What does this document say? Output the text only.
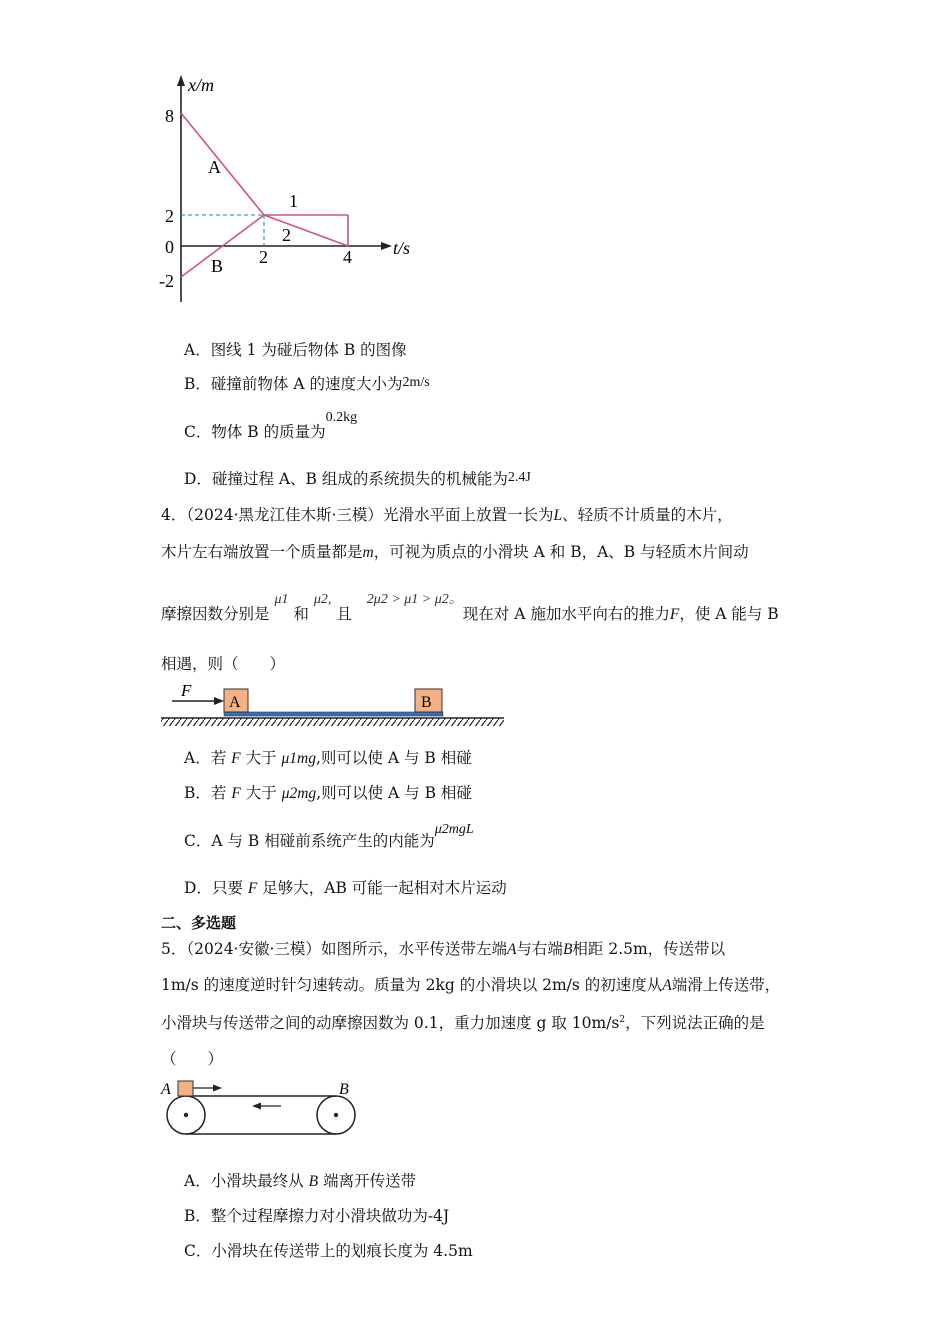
x/m
t/s
8
2
0
-2
2	4
A
B
1
2
A．图线 1 为碰后物体 B 的图像
B．碰撞前物体 A 的速度大小为2m/s
C．物体 B 的质量为0.2kg
D．碰撞过程 A、B 组成的系统损失的机械能为2.4J
4．（2024·黑龙江佳木斯·三模）光滑水平面上放置一长为L、轻质不计质量的木片，
木片左右端放置一个质量都是m，可视为质点的小滑块 A 和 B，A、B 与轻质木片间动
摩擦因数分别是 μ1 和 μ2, 且 2μ2 > μ1 > μ2。现在对 A 施加水平向右的推力F，使 A 能与 B
相遇，则（　　）
A	B
F
A．若 F 大于 μ1mg,则可以使 A 与 B 相碰
B．若 F 大于 μ2mg,则可以使 A 与 B 相碰
C．A 与 B 相碰前系统产生的内能为μ2mgL
D．只要 F 足够大，AB 可能一起相对木片运动
二、多选题
5．（2024·安徽·三模）如图所示，水平传送带左端A与右端B相距 2.5m，传送带以
1m/s 的速度逆时针匀速转动。质量为 2kg 的小滑块以 2m/s 的初速度从A端滑上传送带，
小滑块与传送带之间的动摩擦因数为 0.1，重力加速度 g 取 $10m/s^2$，下列说法正确的是
（　　）
A	B
A．小滑块最终从 B 端离开传送带
B．整个过程摩擦力对小滑块做功为-4J
C．小滑块在传送带上的划痕长度为 4.5m
